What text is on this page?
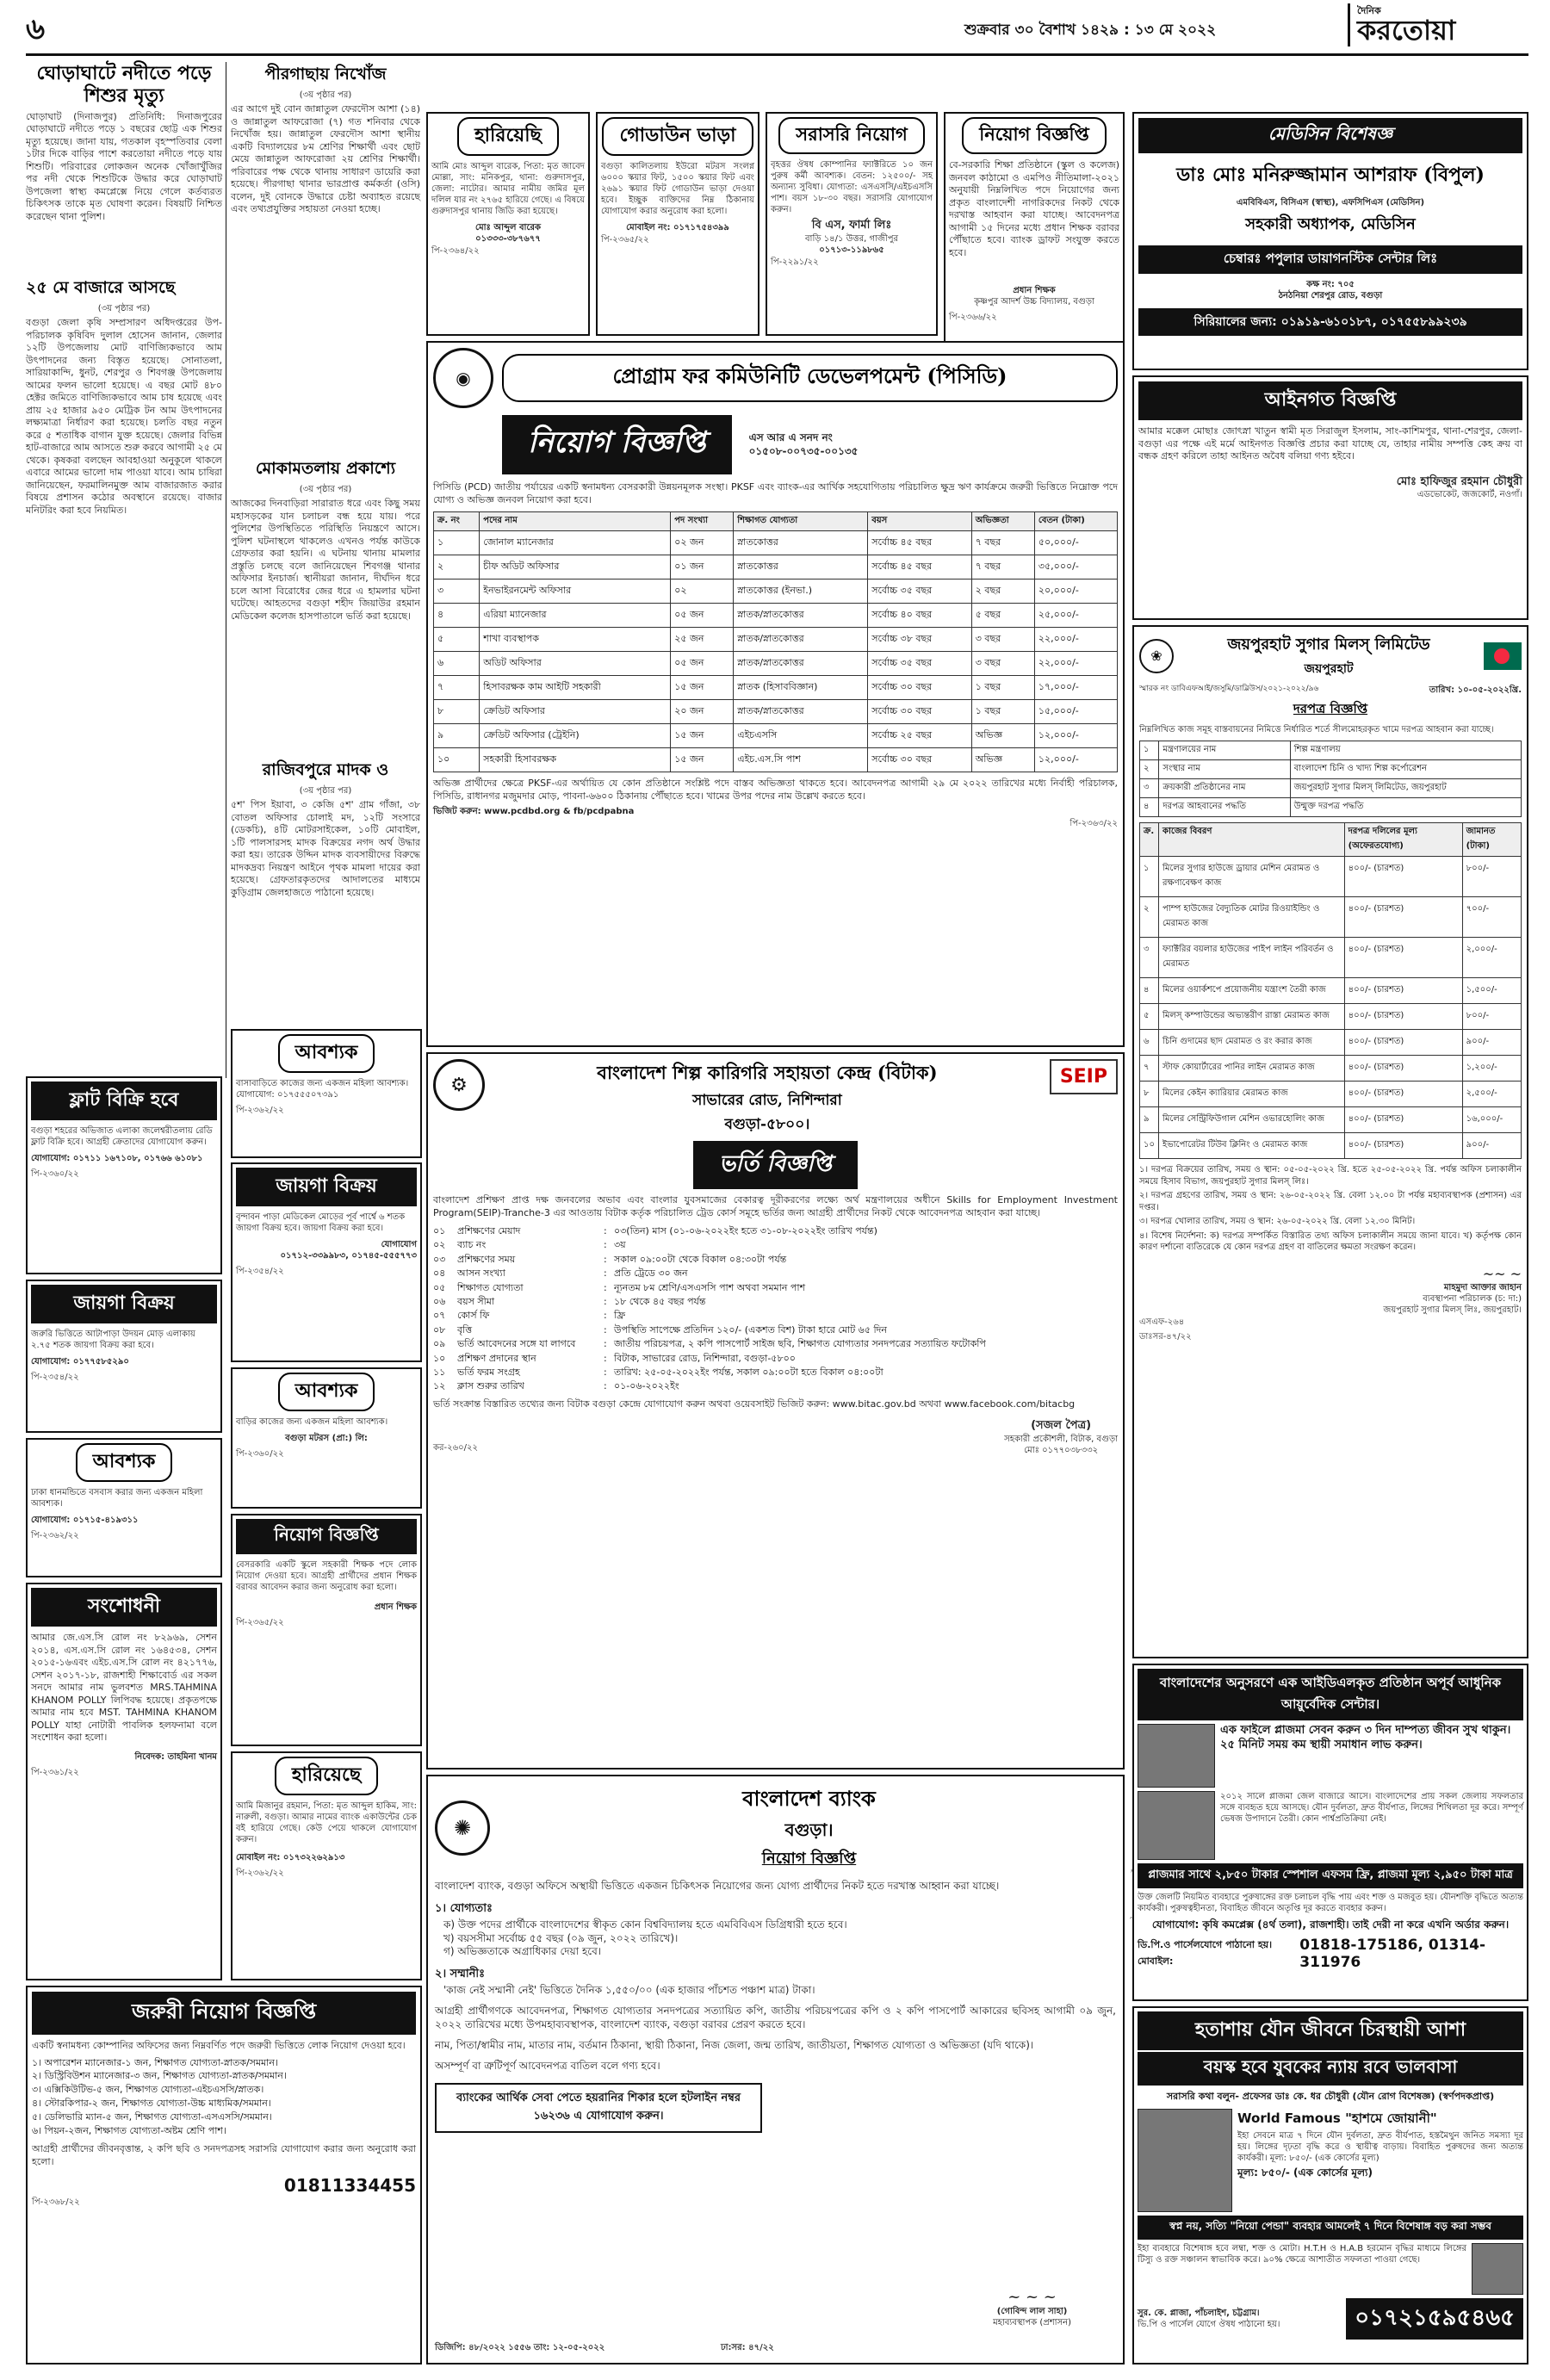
৬	শুক্রবার ৩০ বৈশাখ ১৪২৯ : ১৩ মে ২০২২
দৈনিক
করতোয়া
ঘোড়াঘাটে নদীতে পড়ে শিশুর মৃত্যু
ঘোড়াঘাট (দিনাজপুর) প্রতিনিধি: দিনাজপুরের ঘোড়াঘাটে নদীতে পড়ে ১ বছরের ছোট্ট এক শিশুর মৃত্যু হয়েছে। জানা যায়, গতকাল বৃহস্পতিবার বেলা ১টার দিকে বাড়ির পাশে করতোয়া নদীতে পড়ে যায় শিশুটি। পরিবারের লোকজন অনেক খোঁজাখুঁজির পর নদী থেকে শিশুটিকে উদ্ধার করে ঘোড়াঘাট উপজেলা স্বাস্থ্য কমপ্লেক্সে নিয়ে গেলে কর্তব্যরত চিকিৎসক তাকে মৃত ঘোষণা করেন। বিষয়টি নিশ্চিত করেছেন থানা পুলিশ।
২৫ মে বাজারে আসছে
(৩য় পৃষ্ঠার পর)
বগুড়া জেলা কৃষি সম্প্রসারণ অধিদপ্তরের উপ-পরিচালক কৃষিবিদ দুলাল হোসেন জানান, জেলার ১২টি উপজেলায় মোট বাণিজ্যিকভাবে আম উৎপাদনের জন্য বিস্তৃত হয়েছে। সোনাতলা, সারিয়াকান্দি, ধুনট, শেরপুর ও শিবগঞ্জ উপজেলায় আমের ফলন ভালো হয়েছে। এ বছর মোট ৪৮০ হেক্টর জমিতে বাণিজ্যিকভাবে আম চাষ হয়েছে এবং প্রায় ২৫ হাজার ৯৫০ মেট্রিক টন আম উৎপাদনের লক্ষ্যমাত্রা নির্ধারণ করা হয়েছে। চলতি বছর নতুন করে ৫ শতাধিক বাগান যুক্ত হয়েছে। জেলার বিভিন্ন হাট-বাজারে আম আসতে শুরু করবে আগামী ২৫ মে থেকে। কৃষকরা বলছেন আবহাওয়া অনুকূলে থাকলে এবারে আমের ভালো দাম পাওয়া যাবে। আম চাষিরা জানিয়েছেন, ফরমালিনমুক্ত আম বাজারজাত করার বিষয়ে প্রশাসন কঠোর অবস্থানে রয়েছে। বাজার মনিটরিং করা হবে নিয়মিত।
পীরগাছায় নিখোঁজ
(৩য় পৃষ্ঠার পর)
এর আগে দুই বোন জান্নাতুল ফেরদৌস আশা (১৪) ও জান্নাতুল আফরোজা (৭) গত শনিবার থেকে নিখোঁজ হয়। জান্নাতুল ফেরদৌস আশা স্থানীয় একটি বিদ্যালয়ের ৮ম শ্রেণির শিক্ষার্থী এবং ছোট মেয়ে জান্নাতুল আফরোজা ২য় শ্রেণির শিক্ষার্থী। পরিবারের পক্ষ থেকে থানায় সাধারণ ডায়েরি করা হয়েছে। পীরগাছা থানার ভারপ্রাপ্ত কর্মকর্তা (ওসি) বলেন, দুই বোনকে উদ্ধারে চেষ্টা অব্যাহত রয়েছে এবং তথ্যপ্রযুক্তির সহায়তা নেওয়া হচ্ছে।
মোকামতলায় প্রকাশ্যে
(৩য় পৃষ্ঠার পর)
আজকের দিনবাড়িরা সারারাত ধরে এবং কিছু সময় মহাসড়কের যান চলাচল বন্ধ হয়ে যায়। পরে পুলিশের উপস্থিতিতে পরিস্থিতি নিয়ন্ত্রণে আসে। পুলিশ ঘটনাস্থলে থাকলেও এখনও পর্যন্ত কাউকে গ্রেফতার করা হয়নি। এ ঘটনায় থানায় মামলার প্রস্তুতি চলছে বলে জানিয়েছেন শিবগঞ্জ থানার অফিসার ইনচার্জ। স্থানীয়রা জানান, দীর্ঘদিন ধরে চলে আসা বিরোধের জের ধরে এ হামলার ঘটনা ঘটেছে। আহতদের বগুড়া শহীদ জিয়াউর রহমান মেডিকেল কলেজ হাসপাতালে ভর্তি করা হয়েছে।
রাজিবপুরে মাদক ও
(৩য় পৃষ্ঠার পর)
৫শ' পিস ইয়াবা, ৩ কেজি ৫শ' গ্রাম গাঁজা, ৩৮ বোতল অফিসার চোলাই মদ, ১২টি সংসারে (ডেকচি), ৪টি মোটরসাইকেল, ১০টি মোবাইল, ১টি পালসারসহ মাদক বিক্রয়ের নগদ অর্থ উদ্ধার করা হয়। তারেক উদ্দিন মাদক ব্যবসায়ীদের বিরুদ্ধে মাদকদ্রব্য নিয়ন্ত্রণ আইনে পৃথক মামলা দায়ের করা হয়েছে। গ্রেফতারকৃতদের আদালতের মাধ্যমে কুড়িগ্রাম জেলহাজতে পাঠানো হয়েছে।
আবশ্যক
বাসাবাড়িতে কাজের জন্য একজন মহিলা আবশ্যক। যোগাযোগ: ০১৭৫৫৫০৭৩৯১
পি-২৩৬২/২২
ফ্লাট বিক্রি হবে
বগুড়া শহরের অভিজাত এলাকা জলেশ্বরীতলায় রেডি ফ্লাট বিক্রি হবে। আগ্রহী ক্রেতাদের যোগাযোগ করুন।
যোগাযোগ: ০১৭১১ ১৬৭১০৮, ০১৭৬৬ ৬১০৮১
পি-২৩৬০/২২
জায়গা বিক্রয়
বৃন্দাবন পাড়া মেডিকেল মোড়ের পূর্ব পার্শ্বে ৬ শতক জায়গা বিক্রয় হবে। জায়গা বিক্রয় করা হবে।
যোগাযোগ
০১৭১২-৩৩৯৯৮৩, ০১৭৪৫-৫৫৫৭৭৩
পি-২৩৫৪/২২
জায়গা বিক্রয়
জরুরি ভিত্তিতে আটাপাড়া উদয়ন মোড় এলাকায় ২.৭৫ শতক জায়গা বিক্রয় করা হবে।
যোগাযোগ: ০১৭৭৫৮৫২৯০
পি-২৩৫৪/২২
আবশ্যক
বাড়ির কাজের জন্য একজন মহিলা আবশ্যক।
বগুড়া মটরস (প্রা:) লি:
পি-২৩৬০/২২
আবশ্যক
ঢাকা ধানমন্ডিতে বসবাস করার জন্য একজন মহিলা আবশ্যক।
যোগাযোগ: ০১৭১৫-৪১৯৩১১
পি-২৩৬২/২২	নিয়োগ বিজ্ঞপ্তি
বেসরকারি একটি স্কুলে সহকারী শিক্ষক পদে লোক নিয়োগ দেওয়া হবে। আগ্রহী প্রার্থীদের প্রধান শিক্ষক বরাবর আবেদন করার জন্য অনুরোধ করা হলো।
প্রধান শিক্ষক
পি-২৩৬৫/২২
সংশোধনী
আমার জে.এস.সি রোল নং ৮২৯৬৯, সেশন ২০১৪, এস.এস.সি রোল নং ১৬৪৫৩৪, সেশন ২০১৫-১৬এবং এইচ.এস.সি রোল নং ৪২১৭৭৬, সেশন ২০১৭-১৮, রাজশাহী শিক্ষাবোর্ড এর সকল সনদে আমার নাম ভুলবশত MRS.TAHMINA KHANOM POLLY লিপিবদ্ধ হয়েছে। প্রকৃতপক্ষে আমার নাম হবে MST. TAHMINA KHANOM POLLY যাহা নোটারী পাবলিক হলফনামা বলে সংশোধন করা হলো।
নিবেদক: তাহমিনা খানম
পি-২৩৬১/২২	হারিয়েছে
আমি মিজানুর রহমান, পিতা: মৃত আব্দুল হাকিম, সাং: নারুলী, বগুড়া। আমার নামের ব্যাংক একাউন্টের চেক বই হারিয়ে গেছে। কেউ পেয়ে থাকলে যোগাযোগ করুন।
মোবাইল নং: ০১৭৩২২৬২৯১৩
পি-২৩৬২/২২
জরুরী নিয়োগ বিজ্ঞপ্তি
একটি স্বনামধন্য কোম্পানির অফিসের জন্য নিম্নবর্ণিত পদে জরুরী ভিত্তিতে লোক নিয়োগ দেওয়া হবে।
১। অপারেশন ম্যানেজার-১ জন, শিক্ষাগত যোগ্যতা-স্নাতক/সমমান।
২। ডিস্ট্রিবিউশন ম্যানেজার-৩ জন, শিক্ষাগত যোগ্যতা-স্নাতক/সমমান।
৩। এক্সিকিউটিভ-৫ জন, শিক্ষাগত যোগ্যতা-এইচএসসি/স্নাতক।
৪। স্টোরকিপার-২ জন, শিক্ষাগত যোগ্যতা-উচ্চ মাধ্যমিক/সমমান।
৫। ডেলিভারি ম্যান-৫ জন, শিক্ষাগত যোগ্যতা-এসএসসি/সমমান।
৬। পিয়ন-২জন, শিক্ষাগত যোগ্যতা-অষ্টম শ্রেণি পাশ।
আগ্রহী প্রার্থীদের জীবনবৃত্তান্ত, ২ কপি ছবি ও সনদপত্রসহ সরাসরি যোগাযোগ করার জন্য অনুরোধ করা হলো।
01811334455
পি-২৩৬৮/২২
হারিয়েছি
আমি মোঃ আব্দুল বারেক, পিতা: মৃত জাবেদ মোল্লা, সাং: মনিকপুর, থানা: গুরুদাসপুর, জেলা: নাটোর। আমার নামীয় জমির মূল দলিল যার নং ২৭৬৫ হারিয়ে গেছে। এ বিষয়ে গুরুদাসপুর থানায় জিডি করা হয়েছে।
মোঃ আব্দুল বারেক
০১৩৩৩-৩৮৭৬৭৭
পি-২৩৬৪/২২
গোডাউন ভাড়া
বগুড়া কালিতলায় ইউরো মটরস সংলগ্ন ৬০০০ স্কয়ার ফিট, ১৫০০ স্কয়ার ফিট এবং ২৬৯১ স্কয়ার ফিট গোডাউন ভাড়া দেওয়া হবে। ইচ্ছুক ব্যক্তিদের নিম্ন ঠিকানায় যোগাযোগ করার অনুরোধ করা হলো।
মোবাইল নং: ০১৭১৭৫৪৩৯৯
পি-২৩৬৫/২২
সরাসরি নিয়োগ
বৃহত্তর ঔষধ কোম্পানির ফ্যাক্টরিতে ১০ জন পুরুষ কর্মী আবশ্যক। বেতন: ১২৫০০/- সহ অন্যান্য সুবিধা। যোগ্যতা: এসএসসি/এইচএসসি পাশ। বয়স ১৮-৩০ বছর। সরাসরি যোগাযোগ করুন।
বি এস, ফার্মা লিঃ
বাড়ি ১৪/১ উত্তর, গাজীপুর
০১৭১৩-১১৯৮৬৫
পি-২২৯১/২২
নিয়োগ বিজ্ঞপ্তি
বে-সরকারি শিক্ষা প্রতিষ্ঠানে (স্কুল ও কলেজ) জনবল কাঠামো ও এমপিও নীতিমালা-২০২১ অনুযায়ী নিম্নলিখিত পদে নিয়োগের জন্য প্রকৃত বাংলাদেশী নাগরিকদের নিকট থেকে দরখাস্ত আহবান করা যাচ্ছে। আবেদনপত্র আগামী ১৫ দিনের মধ্যে প্রধান শিক্ষক বরাবর পৌঁছাতে হবে। ব্যাংক ড্রাফট সংযুক্ত করতে হবে।
প্রধান শিক্ষক
কৃষ্ণপুর আদর্শ উচ্চ বিদ্যালয়, বগুড়া
পি-২৩৬৬/২২
মেডিসিন বিশেষজ্ঞ
ডাঃ মোঃ মনিরুজ্জামান আশরাফ (বিপুল)
এমবিবিএস, বিসিএস (স্বাস্থ্য), এফসিপিএস (মেডিসিন)
সহকারী অধ্যাপক, মেডিসিন
চেম্বারঃ পপুলার ডায়াগনস্টিক সেন্টার লিঃ
কক্ষ নং: ৭০৫
ঠনঠনিয়া শেরপুর রোড, বগুড়া
সিরিয়ালের জন্য: ০১৯১৯-৬১০১৮৭, ০১৭৫৫৮৯৯২৩৯
আইনগত বিজ্ঞপ্তি
আমার মক্কেল মোছাঃ জোৎস্না খাতুন স্বামী মৃত সিরাজুল ইসলাম, সাং-কাশিমপুর, থানা-শেরপুর, জেলা-বগুড়া এর পক্ষে এই মর্মে আইনগত বিজ্ঞপ্তি প্রচার করা যাচ্ছে যে, তাহার নামীয় সম্পত্তি কেহ ক্রয় বা বন্ধক গ্রহণ করিলে তাহা আইনত অবৈধ বলিয়া গণ্য হইবে।
মোঃ হাফিজুর রহমান চৌধুরী
এডভোকেট, জজকোর্ট, নওগাঁ।
◉	প্রোগ্রাম ফর কমিউনিটি ডেভেলপমেন্ট (পিসিডি)
নিয়োগ বিজ্ঞপ্তি	এস আর এ সনদ নং ০১৫০৮-০০৭৩৫-০০১৩৫
পিসিডি (PCD) জাতীয় পর্যায়ের একটি স্বনামধন্য বেসরকারী উন্নয়নমূলক সংস্থা। PKSF এবং ব্যাংক-এর আর্থিক সহযোগিতায় পরিচালিত ক্ষুদ্র ঋণ কার্যক্রমে জরুরী ভিত্তিতে নিম্নোক্ত পদে যোগ্য ও অভিজ্ঞ জনবল নিয়োগ করা হবে।
ক্র. নং	পদের নাম	পদ সংখ্যা	শিক্ষাগত যোগ্যতা	বয়স	অভিজ্ঞতা	বেতন (টাকা)
১	জোনাল ম্যানেজার	০২ জন	স্নাতকোত্তর	সর্বোচ্চ ৪৫ বছর	৭ বছর	৫০,০০০/-
২	চীফ অডিট অফিসার	০১ জন	স্নাতকোত্তর	সর্বোচ্চ ৪৫ বছর	৭ বছর	৩৫,০০০/-
৩	ইনভাইরনমেন্ট অফিসার	০২	স্নাতকোত্তর (ইনভা.)	সর্বোচ্চ ৩৫ বছর	২ বছর	২০,০০০/-
৪	এরিয়া ম্যানেজার	০৫ জন	স্নাতক/স্নাতকোত্তর	সর্বোচ্চ ৪০ বছর	৫ বছর	২৫,০০০/-
৫	শাখা ব্যবস্থাপক	২৫ জন	স্নাতক/স্নাতকোত্তর	সর্বোচ্চ ৩৮ বছর	৩ বছর	২২,০০০/-
৬	অডিট অফিসার	০৫ জন	স্নাতক/স্নাতকোত্তর	সর্বোচ্চ ৩৫ বছর	৩ বছর	২২,০০০/-
৭	হিসাবরক্ষক কাম আইটি সহকারী	১৫ জন	স্নাতক (হিসাববিজ্ঞান)	সর্বোচ্চ ৩০ বছর	১ বছর	১৭,০০০/-
৮	ক্রেডিট অফিসার	২০ জন	স্নাতক/স্নাতকোত্তর	সর্বোচ্চ ৩০ বছর	১ বছর	১৫,০০০/-
৯	ক্রেডিট অফিসার (ট্রেইনি)	১৫ জন	এইচএসসি	সর্বোচ্চ ২৫ বছর	অভিজ্ঞ	১২,০০০/-
১০	সহকারী হিসাবরক্ষক	১৫ জন	এইচ.এস.সি পাশ	সর্বোচ্চ ৩০ বছর	অভিজ্ঞ	১২,০০০/-
অভিজ্ঞ প্রার্থীদের ক্ষেত্রে PKSF-এর অর্থায়িত যে কোন প্রতিষ্ঠানে সংশ্লিষ্ট পদে বাস্তব অভিজ্ঞতা থাকতে হবে। আবেদনপত্র আগামী ২৯ মে ২০২২ তারিখের মধ্যে নির্বাহী পরিচালক, পিসিডি, রাধানগর মজুমদার মোড়, পাবনা-৬৬০০ ঠিকানায় পৌঁছাতে হবে। খামের উপর পদের নাম উল্লেখ করতে হবে।
ভিজিট করুন: www.pcdbd.org & fb/pcdpabna
পি-২৩৬৩/২২
⚙
বাংলাদেশ শিল্প কারিগরি সহায়তা কেন্দ্র (বিটাক)
সাভারের রোড, নিশিন্দারা
বগুড়া-৫৮০০।
SEIP
ভর্তি বিজ্ঞপ্তি
বাংলাদেশ প্রশিক্ষণ প্রাপ্ত দক্ষ জনবলের অভাব এবং বাংলার যুবসমাজের বেকারত্ব দূরীকরণের লক্ষ্যে অর্থ মন্ত্রণালয়ের অধীনে Skills for Employment Investment Program(SEIP)-Tranche-3 এর আওতায় বিটাক কর্তৃক পরিচালিত ট্রেড কোর্স সমূহে ভর্তির জন্য আগ্রহী প্রার্থীদের নিকট থেকে আবেদনপত্র আহবান করা যাচ্ছে।
০১	প্রশিক্ষণের মেয়াদ	: ০৩(তিন) মাস (০১-০৬-২০২২ইং হতে ৩১-০৮-২০২২ইং তারিখ পর্যন্ত)
০২	ব্যাচ নং	: ৩য়
০৩	প্রশিক্ষণের সময়	: সকাল ০৯:০০টা থেকে বিকাল ০৪:৩০টা পর্যন্ত
০৪	আসন সংখ্যা	: প্রতি ট্রেডে ৩০ জন
০৫	শিক্ষাগত যোগ্যতা	: ন্যূনতম ৮ম শ্রেণি/এসএসসি পাশ অথবা সমমান পাশ
০৬	বয়স সীমা	: ১৮ থেকে ৪৫ বছর পর্যন্ত
০৭	কোর্স ফি	: ফ্রি
০৮	বৃত্তি	: উপস্থিতি সাপেক্ষে প্রতিদিন ১২০/- (একশত বিশ) টাকা হারে মোট ৬৫ দিন
০৯	ভর্তি আবেদনের সঙ্গে যা লাগবে	: জাতীয় পরিচয়পত্র, ২ কপি পাসপোর্ট সাইজ ছবি, শিক্ষাগত যোগ্যতার সনদপত্রের সত্যায়িত ফটোকপি
১০	প্রশিক্ষণ প্রদানের স্থান	: বিটাক, সাভারের রোড, নিশিন্দারা, বগুড়া-৫৮০০
১১	ভর্তি ফরম সংগ্রহ	: তারিখ: ২৫-০৫-২০২২ইং পর্যন্ত, সকাল ০৯:০০টা হতে বিকাল ০৪:০০টা
১২	ক্লাস শুরুর তারিখ	: ০১-০৬-২০২২ইং
ভর্তি সংক্রান্ত বিস্তারিত তথ্যের জন্য বিটাক বগুড়া কেন্দ্রে যোগাযোগ করুন অথবা ওয়েবসাইট ভিজিট করুন: www.bitac.gov.bd অথবা www.facebook.com/bitacbg
কর-২৬০/২২
(সজল পৈত্র)
সহকারী প্রকৌশলী, বিটাক, বগুড়া
মোঃ ০১৭৭০৩৮৩৩২
✺
বাংলাদেশ ব্যাংক
বগুড়া।
নিয়োগ বিজ্ঞপ্তি
বাংলাদেশ ব্যাংক, বগুড়া অফিসে অস্থায়ী ভিত্তিতে একজন চিকিৎসক নিয়োগের জন্য যোগ্য প্রার্থীদের নিকট হতে দরখাস্ত আহ্বান করা যাচ্ছে।
১। যোগ্যতাঃ
ক) উক্ত পদের প্রার্থীকে বাংলাদেশের স্বীকৃত কোন বিশ্ববিদ্যালয় হতে এমবিবিএস ডিগ্রিধারী হতে হবে।
খ) বয়সসীমা সর্বোচ্চ ৫৫ বছর (০৯ জুন, ২০২২ তারিখে)।
গ) অভিজ্ঞতাকে অগ্রাধিকার দেয়া হবে।
২। সম্মানীঃ
'কাজ নেই সম্মানী নেই' ভিত্তিতে দৈনিক ১,৫৫০/০০ (এক হাজার পাঁচশত পঞ্চাশ মাত্র) টাকা।
আগ্রহী প্রার্থীগণকে আবেদনপত্র, শিক্ষাগত যোগ্যতার সনদপত্রের সত্যায়িত কপি, জাতীয় পরিচয়পত্রের কপি ও ২ কপি পাসপোর্ট আকারের ছবিসহ আগামী ০৯ জুন, ২০২২ তারিখের মধ্যে উপমহাব্যবস্থাপক, বাংলাদেশ ব্যাংক, বগুড়া বরাবর প্রেরণ করতে হবে।
নাম, পিতা/স্বামীর নাম, মাতার নাম, বর্তমান ঠিকানা, স্থায়ী ঠিকানা, নিজ জেলা, জন্ম তারিখ, জাতীয়তা, শিক্ষাগত যোগ্যতা ও অভিজ্ঞতা (যদি থাকে)।
অসম্পূর্ণ বা ত্রুটিপূর্ণ আবেদনপত্র বাতিল বলে গণ্য হবে।
ব্যাংকের আর্থিক সেবা পেতে হয়রানির শিকার হলে হটলাইন নম্বর ১৬২৩৬ এ যোগাযোগ করুন।
~ ~ ~
(গোবিন্দ লাল সাহা)
মহাব্যবস্থাপক (প্রশাসন)
ডিজিপি: ৪৮/২০২২ ১৫৫৬ তাং: ১২-০৫-২০২২	ঢা:সর: ৪৭/২২
❀
জয়পুরহাট সুগার মিলস্ লিমিটেড
জয়পুরহাট
স্মারক নং ডাবিএফআই/জসুমি/ডাব্লিউস/২০২১-২০২২/৯৬	তারিখ: ১০-০৫-২০২২খ্রি.
দরপত্র বিজ্ঞপ্তি
নিম্নলিখিত কাজ সমূহ বাস্তবায়নের নিমিত্তে নির্ধারিত শর্তে সীলমোহরকৃত খামে দরপত্র আহবান করা যাচ্ছে।
১	মন্ত্রণালয়ের নাম	শিল্প মন্ত্রণালয়
২	সংস্থার নাম	বাংলাদেশ চিনি ও খাদ্য শিল্প কর্পোরেশন
৩	ক্রয়কারী প্রতিষ্ঠানের নাম	জয়পুরহাট সুগার মিলস্ লিমিটেড, জয়পুরহাট
৪	দরপত্র আহবানের পদ্ধতি	উন্মুক্ত দরপত্র পদ্ধতি
ক্র.	কাজের বিবরণ	দরপত্র দলিলের মূল্য (অফেরতযোগ্য)	জামানত (টাকা)
১	মিলের সুগার হাউজে ড্রায়ার মেশিন মেরামত ও রক্ষণাবেক্ষণ কাজ	৪০০/- (চারশত)	৮০০/-
২	পাম্প হাউজের বৈদ্যুতিক মোটর রিওয়াইন্ডিং ও মেরামত কাজ	৪০০/- (চারশত)	৭০০/-
৩	ফ্যাক্টরির বয়লার হাউজের পাইপ লাইন পরিবর্তন ও মেরামত	৪০০/- (চারশত)	২,০০০/-
৪	মিলের ওয়ার্কশপে প্রয়োজনীয় যন্ত্রাংশ তৈরী কাজ	৪০০/- (চারশত)	১,৫০০/-
৫	মিলস্ কম্পাউন্ডের অভ্যন্তরীণ রাস্তা মেরামত কাজ	৪০০/- (চারশত)	৮০০/-
৬	চিনি গুদামের ছাদ মেরামত ও রং করার কাজ	৪০০/- (চারশত)	৯০০/-
৭	স্টাফ কোয়ার্টারের পানির লাইন মেরামত কাজ	৪০০/- (চারশত)	১,২০০/-
৮	মিলের কেইন ক্যারিয়ার মেরামত কাজ	৪০০/- (চারশত)	২,৫০০/-
৯	মিলের সেন্ট্রিফিউগাল মেশিন ওভারহোলিং কাজ	৪০০/- (চারশত)	১৬,০০০/-
১০	ইভাপোরেটর টিউব ক্লিনিং ও মেরামত কাজ	৪০০/- (চারশত)	৯০০/-
১। দরপত্র বিক্রয়ের তারিখ, সময় ও স্থান: ০৫-০৫-২০২২ খ্রি. হতে ২৫-০৫-২০২২ খ্রি. পর্যন্ত অফিস চলাকালীন সময়ে হিসাব বিভাগ, জয়পুরহাট সুগার মিলস্ লিঃ।
২। দরপত্র গ্রহণের তারিখ, সময় ও স্থান: ২৬-০৫-২০২২ খ্রি. বেলা ১২.০০ টা পর্যন্ত মহাব্যবস্থাপক (প্রশাসন) এর দপ্তর।
৩। দরপত্র খোলার তারিখ, সময় ও স্থান: ২৬-০৫-২০২২ খ্রি. বেলা ১২.৩০ মিনিট।
৪। বিশেষ নির্দেশনা: ক) দরপত্র সম্পর্কিত বিস্তারিত তথ্য অফিস চলাকালীন সময়ে জানা যাবে। খ) কর্তৃপক্ষ কোন কারণ দর্শানো ব্যতিরেকে যে কোন দরপত্র গ্রহণ বা বাতিলের ক্ষমতা সংরক্ষণ করেন।
~~ ~
মাহমুদা আক্তার জাহান
ব্যবস্থাপনা পরিচালক (চ: দা:)
জয়পুরহাট সুগার মিলস্ লিঃ, জয়পুরহাট।
এসএফ-২৬৪
ডাঃসর-৪৭/২২
বাংলাদেশের অনুসরণে এক আইডিএলকৃত প্রতিষ্ঠান অপূর্ব আধুনিক আয়ুর্বেদিক সেন্টার।
এক ফাইলে প্লাজমা সেবন করুন ৩ দিন দাম্পত্য জীবন সুখ থাকুন। ২৫ মিনিট সময় কম স্থায়ী সমাধান লাভ করুন।
২০১২ সালে প্লাজমা জেল বাজারে আসে। বাংলাদেশের প্রায় সকল জেলায় সফলতার সঙ্গে ব্যবহৃত হয়ে আসছে। যৌন দুর্বলতা, দ্রুত বীর্যপাত, লিঙ্গের শিথিলতা দূর করে। সম্পূর্ণ ভেষজ উপাদানে তৈরী। কোন পার্শ্বপ্রতিক্রিয়া নেই।
প্লাজমার সাথে ২,৮৫০ টাকার স্পেশাল এফসম ফ্রি, প্লাজমা মূল্য ২,৯৫০ টাকা মাত্র
উক্ত জেলটি নিয়মিত ব্যবহারে পুরুষাঙ্গের রক্ত চলাচল বৃদ্ধি পায় এবং শক্ত ও মজবুত হয়। যৌনশক্তি বৃদ্ধিতে অত্যন্ত কার্যকরী। পুরুষত্বহীনতা, বিবাহিত জীবনে অতৃপ্তি দূর করতে ব্যবহার করুন।
যোগাযোগ: কৃষি কমপ্লেক্স (৪র্থ তলা), রাজশাহী। তাই দেরী না করে এখনি অর্ডার করুন।
ডি.পি.ও পার্সেলযোগে পাঠানো হয়। মোবাইল:
01818-175186, 01314-311976
হতাশায় যৌন জীবনে চিরস্থায়ী আশা
বয়স্ক হবে যুবকের ন্যায় রবে ভালবাসা
সরাসরি কথা বলুন- প্রফেসর ডাঃ কে. ধর চৌধুরী (যৌন রোগ বিশেষজ্ঞ) (স্বর্ণপদকপ্রাপ্ত)
World Famous "হাশমে জোয়ানী"
ইহা সেবনে মাত্র ৭ দিনে যৌন দুর্বলতা, দ্রুত বীর্যপাত, হস্তমৈথুন জনিত সমস্যা দূর হয়। লিঙ্গের দৃঢ়তা বৃদ্ধি করে ও স্থায়ীত্ব বাড়ায়। বিবাহিত পুরুষদের জন্য অত্যন্ত কার্যকরী। মূল্য: ৮৫০/- (এক কোর্সের মূল্য)
মূল্য: ৮৫০/- (এক কোর্সের মূল্য)
স্বপ্ন নয়, সত্যি "নিয়ো পেন্ডা" ব্যবহার আমলেই ৭ দিনে বিশেষাঙ্গ বড় করা সম্ভব
ইহা ব্যবহারে বিশেষাঙ্গ হবে লম্বা, শক্ত ও মোটা। H.T.H ও H.A.B হরমোন বৃদ্ধির মাধ্যমে লিঙ্গের টিস্যু ও রক্ত সঞ্চালন স্বাভাবিক করে। ৯০% ক্ষেত্রে আশাতীত সফলতা পাওয়া গেছে।
সুর. কে. প্লাজা, পাঁচলাইশ, চট্টগ্রাম।
ভি.পি ও পার্সেল যোগে ঔষধ পাঠানো হয়।	০১৭২১৫৯৫৪৬৫
